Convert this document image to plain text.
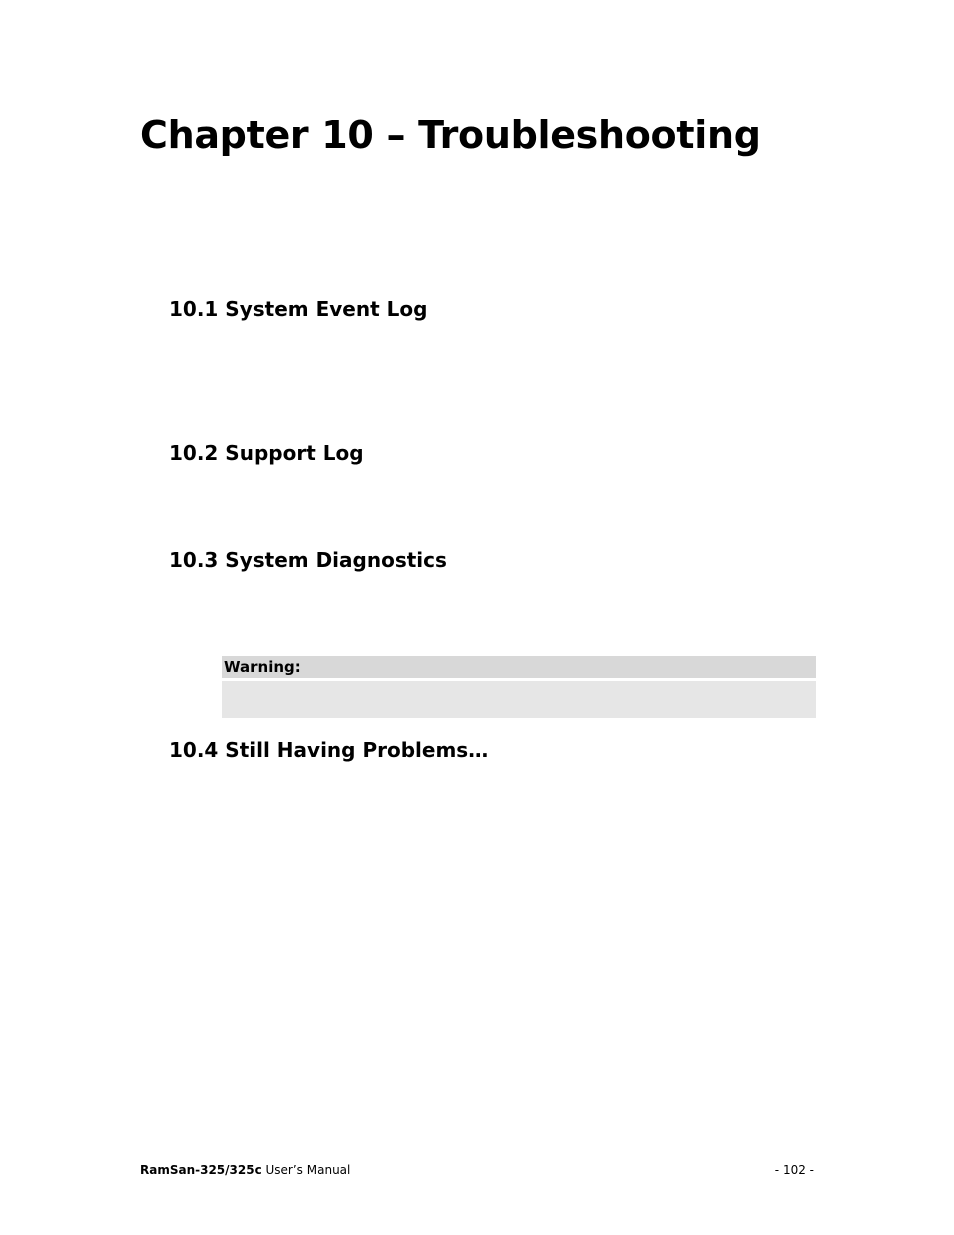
Chapter 10 – Troubleshooting
10.1 System Event Log
10.2 Support Log
10.3 System Diagnostics
Warning:
10.4 Still Having Problems…
RamSan-325/325c User’s Manual	- 102 -
